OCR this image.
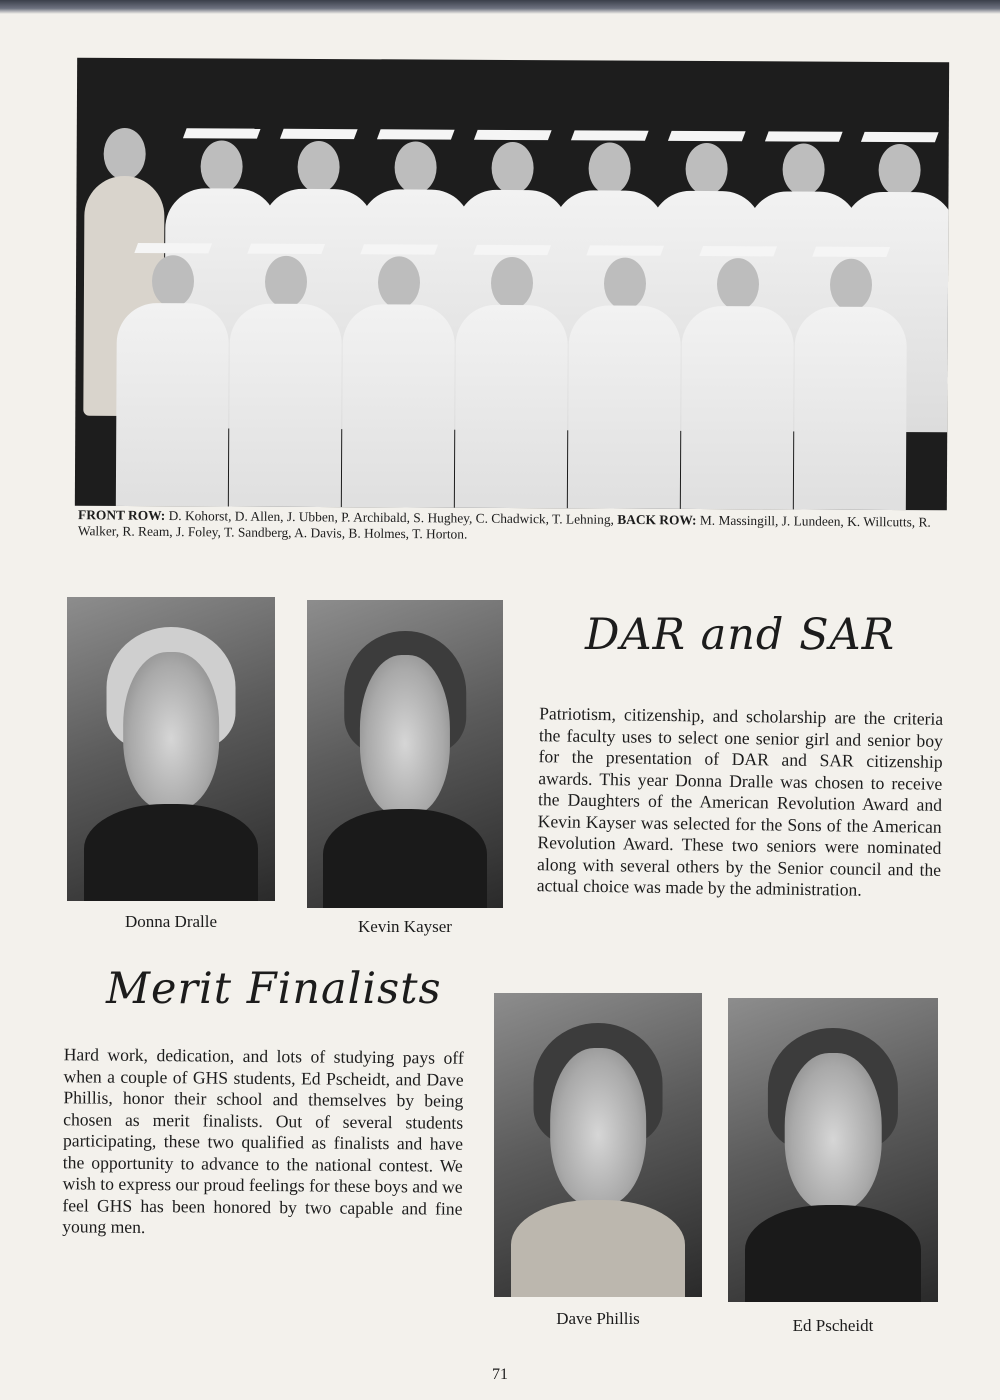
FRONT ROW: D. Kohorst, D. Allen, J. Ubben, P. Archibald, S. Hughey, C. Chadwick, T. Lehning, BACK ROW: M. Massingill, J. Lundeen, K. Willcutts, R. Walker, R. Ream, J. Foley, T. Sandberg, A. Davis, B. Holmes, T. Horton.
Donna Dralle	Kevin Kayser
DAR and SAR
Patriotism, citizenship, and scholarship are the criteria the faculty uses to select one senior girl and senior boy for the presentation of DAR and SAR citizenship awards. This year Donna Dralle was chosen to receive the Daughters of the American Revolution Award and Kevin Kayser was selected for the Sons of the American Revolution Award. These two seniors were nominated along with several others by the Senior council and the actual choice was made by the administration.
Merit Finalists
Hard work, dedication, and lots of studying pays off when a couple of GHS students, Ed Pscheidt, and Dave Phillis, honor their school and themselves by being chosen as merit finalists. Out of several students participating, these two qualified as finalists and have the opportunity to advance to the national contest. We wish to express our proud feelings for these boys and we feel GHS has been honored by two capable and fine young men.
Dave Phillis	Ed Pscheidt
71
